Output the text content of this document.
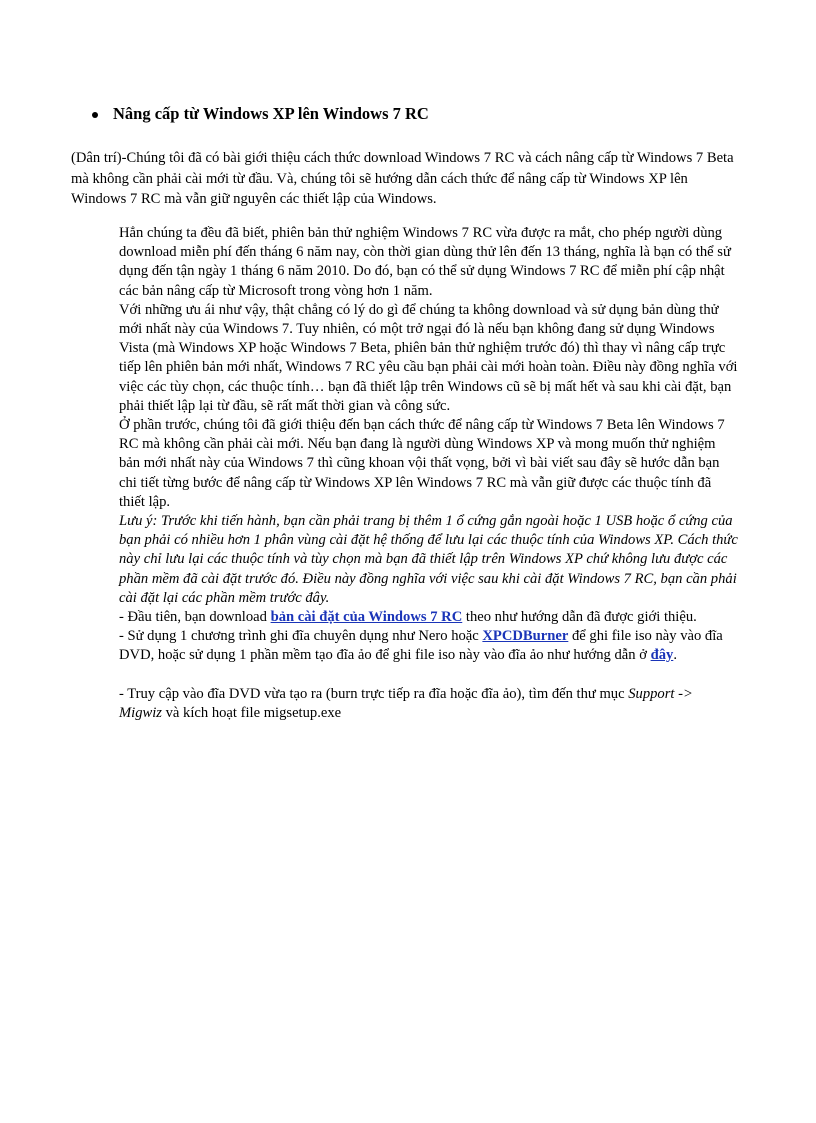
Nâng cấp từ Windows XP lên Windows 7 RC

(Dân trí)-Chúng tôi đã có bài giới thiệu cách thức download Windows 7 RC và cách nâng cấp từ Windows 7 Beta mà không cần phải cài mới từ đầu. Và, chúng tôi sẽ hướng dẫn cách thức để nâng cấp từ Windows XP lên Windows 7 RC mà vẫn giữ nguyên các thiết lập của Windows.

Hẳn chúng ta đều đã biết, phiên bản thử nghiệm Windows 7 RC vừa được ra mắt, cho phép người dùng download miễn phí đến tháng 6 năm nay, còn thời gian dùng thử lên đến 13 tháng, nghĩa là bạn có thể sử dụng đến tận ngày 1 tháng 6 năm 2010. Do đó, bạn có thể sử dụng Windows 7 RC để miễn phí cập nhật các bản nâng cấp từ Microsoft trong vòng hơn 1 năm.

Với những ưu ái như vậy, thật chẳng có lý do gì để chúng ta không download và sử dụng bản dùng thử mới nhất này của Windows 7. Tuy nhiên, có một trở ngại đó là nếu bạn không đang sử dụng Windows Vista (mà Windows XP hoặc Windows 7 Beta, phiên bản thử nghiệm trước đó) thì thay vì nâng cấp trực tiếp lên phiên bản mới nhất, Windows 7 RC yêu cầu bạn phải cài mới hoàn toàn. Điều này đồng nghĩa với việc các tùy chọn, các thuộc tính… bạn đã thiết lập trên Windows cũ sẽ bị mất hết và sau khi cài đặt, bạn phải thiết lập lại từ đầu, sẽ rất mất thời gian và công sức.

Ở phần trước, chúng tôi đã giới thiệu đến bạn cách thức để nâng cấp từ Windows 7 Beta lên Windows 7 RC mà không cần phải cài mới. Nếu bạn đang là người dùng Windows XP và mong muốn thử nghiệm bản mới nhất này của Windows 7 thì cũng khoan vội thất vọng, bởi vì bài viết sau đây sẽ hước dẫn bạn chi tiết từng bước để nâng cấp từ Windows XP lên Windows 7 RC mà vẫn giữ được các thuộc tính đã thiết lập.

Lưu ý: Trước khi tiến hành, bạn cần phải trang bị thêm 1 ổ cứng gắn ngoài hoặc 1 USB hoặc ổ cứng của bạn phải có nhiều hơn 1 phân vùng cài đặt hệ thống để lưu lại các thuộc tính của Windows XP. Cách thức này chỉ lưu lại các thuộc tính và tùy chọn mà bạn đã thiết lập trên Windows XP chứ không lưu được các phần mềm đã cài đặt trước đó. Điều này đồng nghĩa với việc sau khi cài đặt Windows 7 RC, bạn cần phải cài đặt lại các phần mềm trước đây.

- Đầu tiên, bạn download bản cài đặt của Windows 7 RC theo như hướng dẫn đã được giới thiệu.

- Sử dụng 1 chương trình ghi đĩa chuyên dụng như Nero hoặc XPCDBurner để ghi file iso này vào đĩa DVD, hoặc sử dụng 1 phần mềm tạo đĩa ảo để ghi file iso này vào đĩa ảo như hướng dẫn ở đây.

- Truy cập vào đĩa DVD vừa tạo ra (burn trực tiếp ra đĩa hoặc đĩa ảo), tìm đến thư mục Support -> Migwiz và kích hoạt file migsetup.exe
